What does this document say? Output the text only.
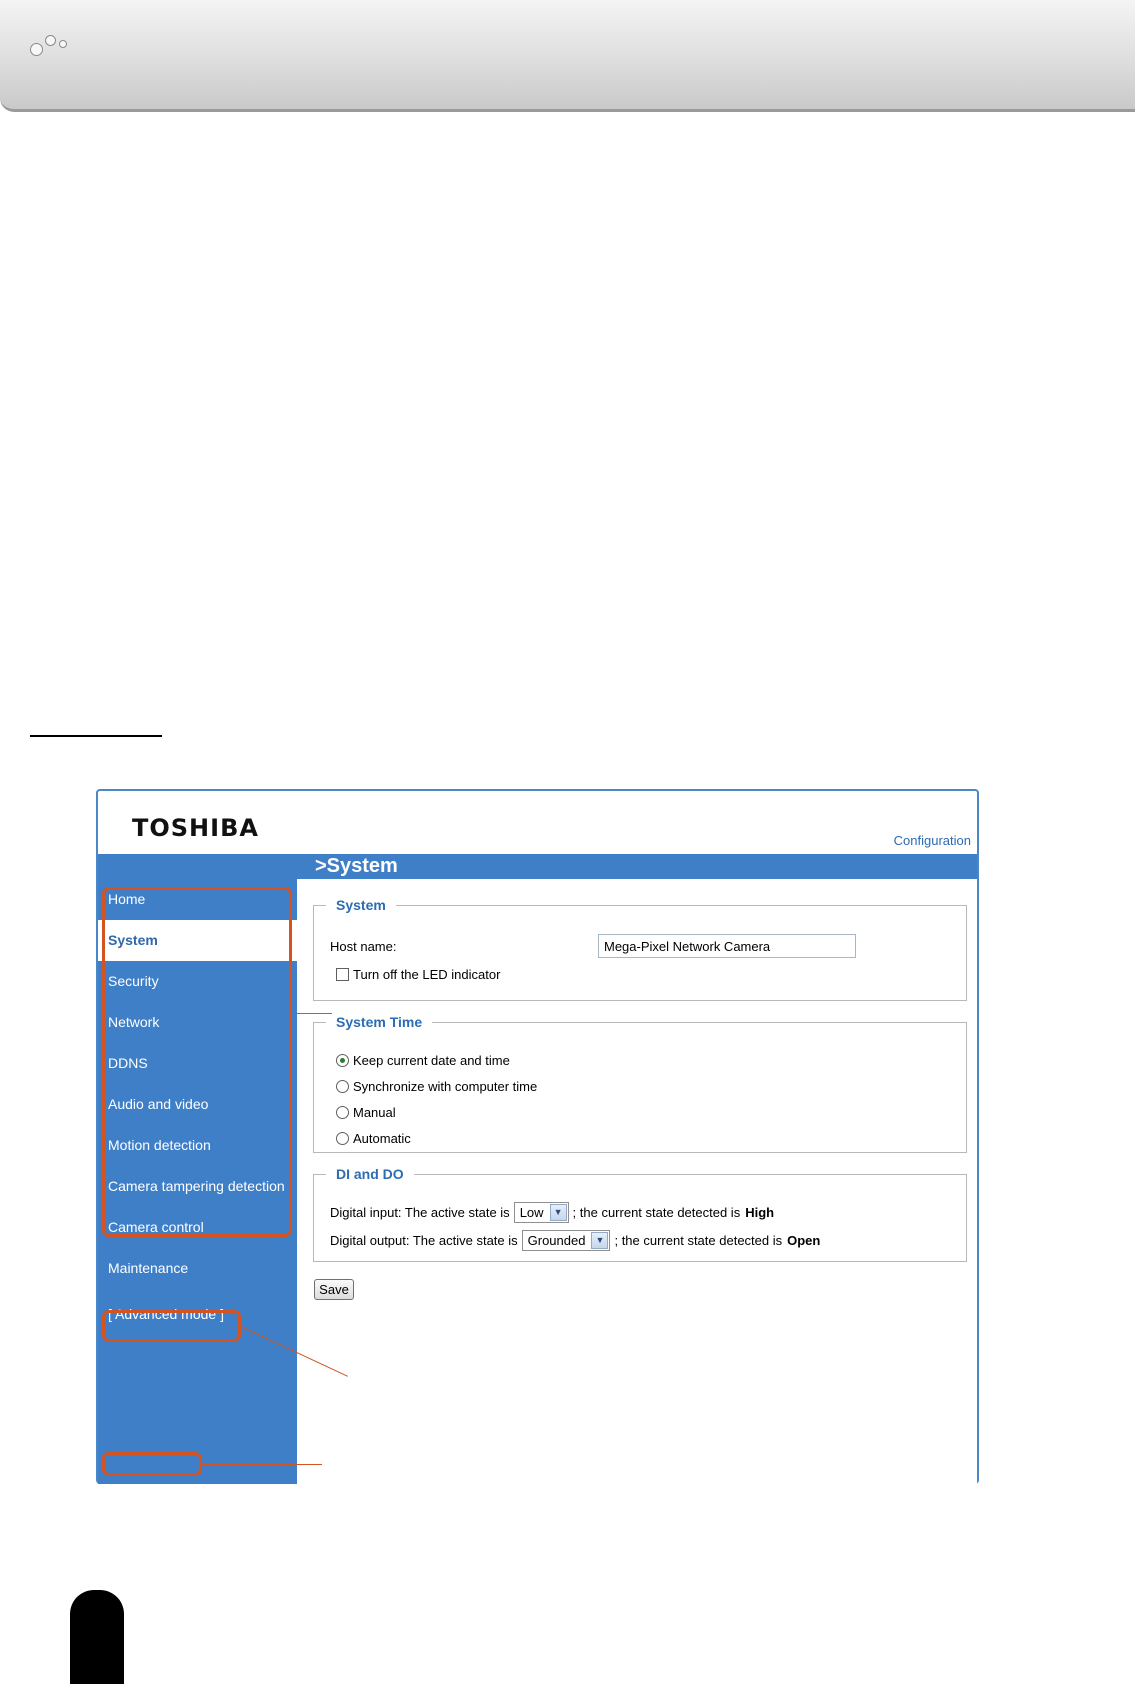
TOSHIBA	Configuration
>System
Home
System
Security
Network
DDNS
Audio and video
Motion detection
Camera tampering detection
Camera control
Maintenance
[ Advanced mode ]
Version: 0100a
System
Host name:
Mega-Pixel Network Camera
Turn off the LED indicator
System Time
Keep current date and time
Synchronize with computer time
Manual
Automatic
DI and DO
Digital input: The active state is Low	▼ ; the current state detected is High
Digital output: The active state is Grounded	▼ ; the current state detected is Open
Save
